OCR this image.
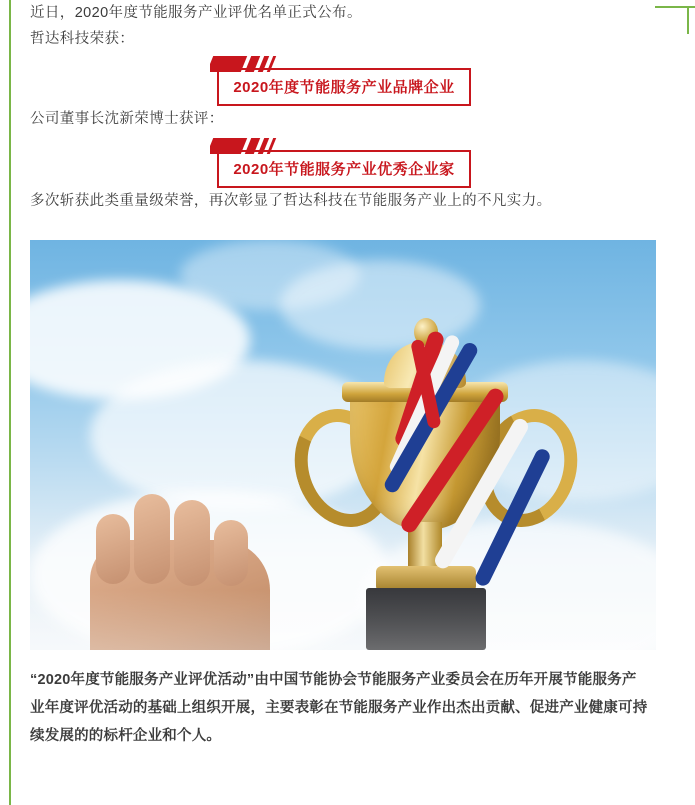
近日，2020年度节能服务产业评优名单正式公布。

哲达科技荣获：

2020年度节能服务产业品牌企业

公司董事长沈新荣博士获评：

2020年节能服务产业优秀企业家

多次斩获此类重量级荣誉，再次彰显了哲达科技在节能服务产业上的不凡实力。

“2020年度节能服务产业评优活动”由中国节能协会节能服务产业委员会在历年开展节能服务产业年度评优活动的基础上组织开展，主要表彰在节能服务产业作出杰出贡献、促进产业健康可持续发展的的标杆企业和个人。
